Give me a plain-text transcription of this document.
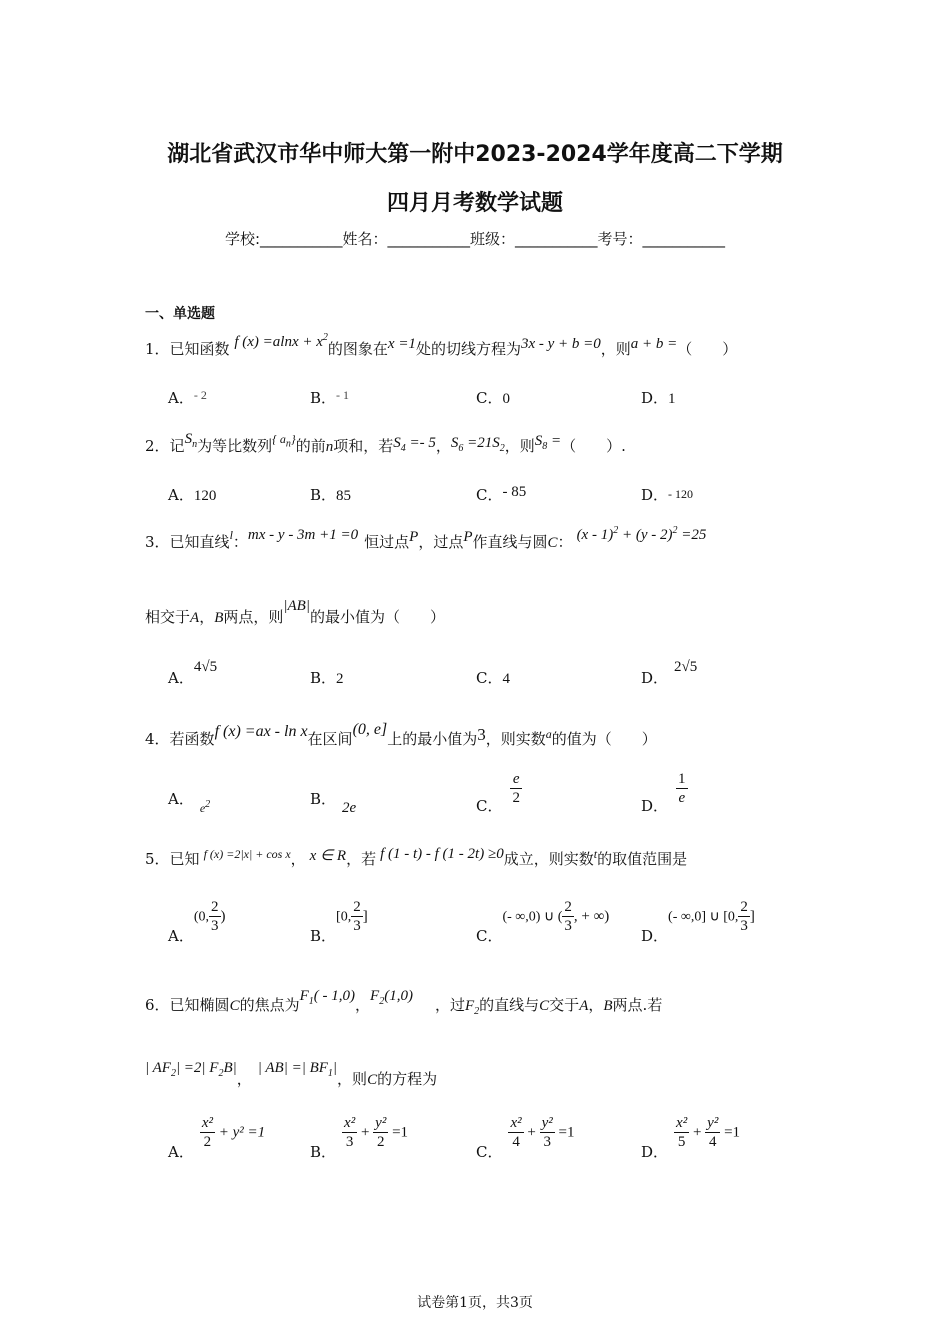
湖北省武汉市华中师大第一附中2023-2024学年度高二下学期
四月月考数学试题
学校:___________姓名：___________班级：___________考号：___________
一、单选题
1．已知函数 f $(x) =alnx + x^2$的图象在x =1处的切线方程为3x - y + b =0，则a + b =（　　）
A．$^{- 2}$	B．$^{- 1}$	C．0	D．1
2．记$S_n$为等比数列$^{\{ a_n\}}$的前n项和，若$S_4 =- 5$，$S_6 =21S_2$，则$S_8$ =（　　）.
A．120	B．85	C．- 85	D．- 120
3．已知直线$^l$：mx - y - 3m +1 =0 恒过点P，过点P作直线与圆C： (x - 1)$^2$ + (y - 2)$^2$ =25
相交于A，B两点，则|AB|的最小值为（　　）
A．4√5
B．2	C．4	D．2√5
4．若函数f (x) =ax - ln x在区间(0, e]上的最小值为3，则实数$^a$的值为（　　）
A． $_{e^2}$	B． 2e	C． $\frac{e}{2}$	D． $\frac{1}{e}$
5．已知 $^{f (x) =2|x| + cos x}$， x ∈ R，若 f (1 - t) - f (1 - 2t) ≥0成立，则实数$^t$的取值范围是
A．(0, $\frac{2}{3}$ )
B．[0, $\frac{2}{3}$ ]
C．(- ∞,0) ∪ ( $\frac{2}{3}$ , + ∞)
D．(- ∞,0] ∪ [0, $\frac{2}{3}$ ]
6．已知椭圆C的焦点为$F_1( - 1,0)$，$F_2(1,0)$ ，过$F_2$的直线与C交于A，B两点.若
| $AF_2| =2|$ $F_2B|$，| AB| =| $BF_1|$，则C的方程为
A．
$\frac{\text{x²}}{2} + y^2 =1$
B．
$\frac{\text{x²}}{3} + \frac{\text{y²}}{2} =1$
C．
$\frac{\text{x²}}{4} + \frac{\text{y²}}{3} =1$
D．
$\frac{\text{x²}}{5} + \frac{\text{y²}}{4} =1$
试卷第1页，共3页
